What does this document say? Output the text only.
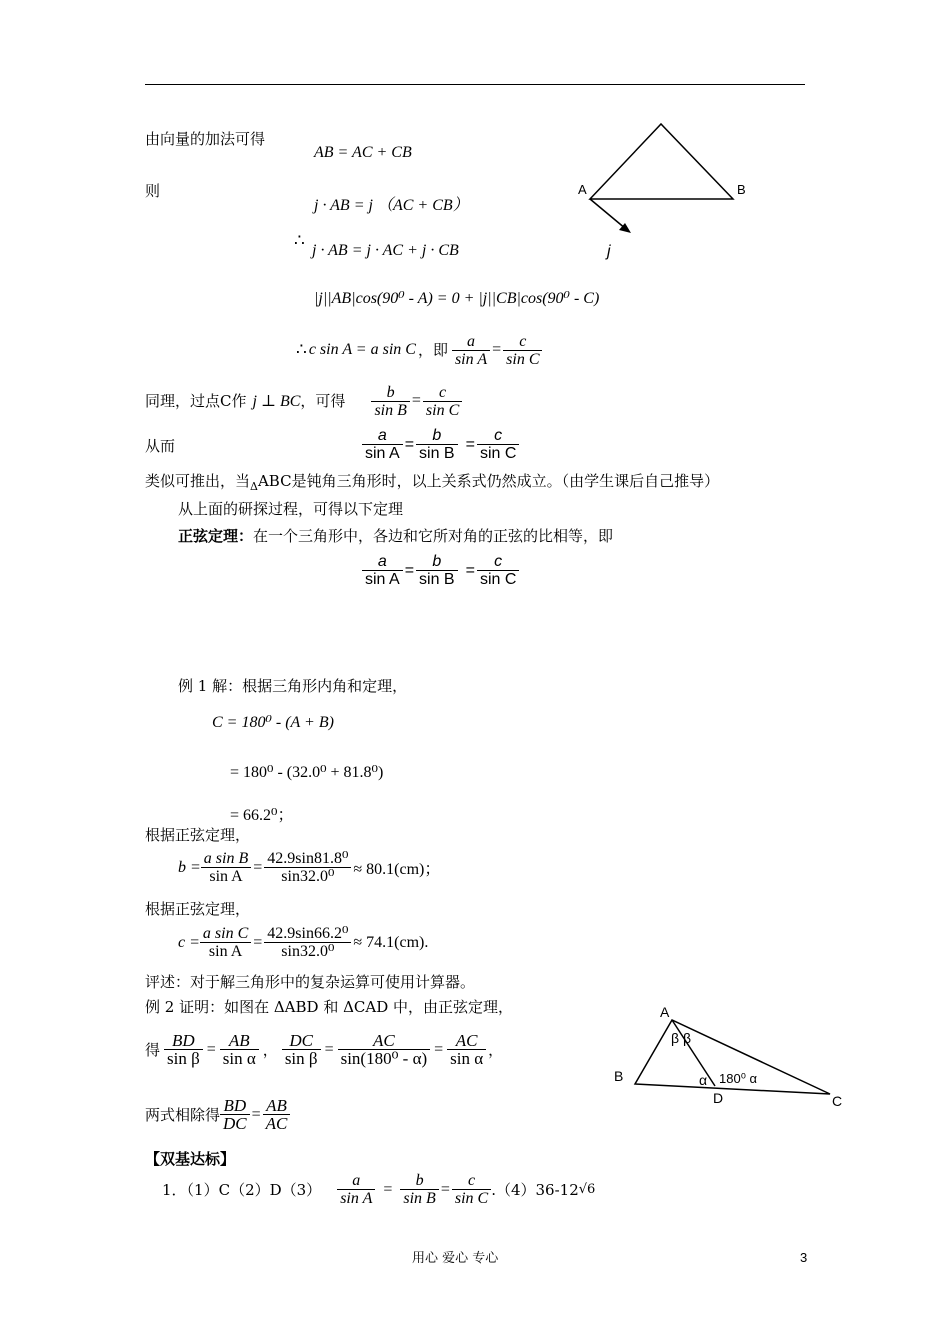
由向量的加法可得
AB = AC + CB
则
j · AB = j （AC + CB）
∴ j · AB = j · AC + j · CB
|j||AB|cos(90⁰ - A) = 0 + |j||CB|cos(90⁰ - C)
∴ c sin A = a sin C ，即 $\frac{a}{\text{sin A}} = \frac{c}{\text{sin C}}$
A	B
j
同理，过点C作 j ⊥ BC ，可得 $\frac{b}{\text{sin B}} = \frac{c}{\text{sin C}}$
从而	$\frac{a}{\text{sin A}} = \frac{b}{\text{sin B}} = \frac{c}{\text{sin C}}$
类似可推出，当$_\Delta$ABC是钝角三角形时，以上关系式仍然成立。（由学生课后自己推导）
从上面的研探过程，可得以下定理
正弦定理：在一个三角形中，各边和它所对角的正弦的比相等，即
$\frac{a}{\text{sin A}} = \frac{b}{\text{sin B}} = \frac{c}{\text{sin C}}$
例 1 解：根据三角形内角和定理，
C = 180⁰ - (A + B)
= 180⁰ - (32.0⁰ + 81.8⁰)
= 66.2⁰；
根据正弦定理，
$b = \frac{\text{a sin B}}{\text{sin A}} = \frac{\text{42.9sin81.8⁰}}{\text{sin32.0⁰}} \approx 80.1(cm)$；
根据正弦定理，
$c = \frac{\text{a sin C}}{\text{sin A}} = \frac{\text{42.9sin66.2⁰}}{\text{sin32.0⁰}} \approx 74.1(cm)$.
评述：对于解三角形中的复杂运算可使用计算器。
例 2 证明：如图在 ΔABD 和 ΔCAD 中，由正弦定理，
得 $\frac{BD}{\text{sin β}} = \frac{AB}{\text{sin α}}$ ， $\frac{DC}{\text{sin β}} = \frac{AC}{\text{sin(180⁰ - α)}} = \frac{AC}{\text{sin α}}$ ，
两式相除得 $\frac{BD}{DC} = \frac{AB}{AC}$
A
B
C
D
β β
α 180⁰ α
【双基达标】
1．$(1)C(2)D(3) \frac{a}{\text{sin A}} = \frac{b}{\text{sin B}} = \frac{c}{\text{sin C}} .(4)36-12$ √6
用心 爱心 专心	3
